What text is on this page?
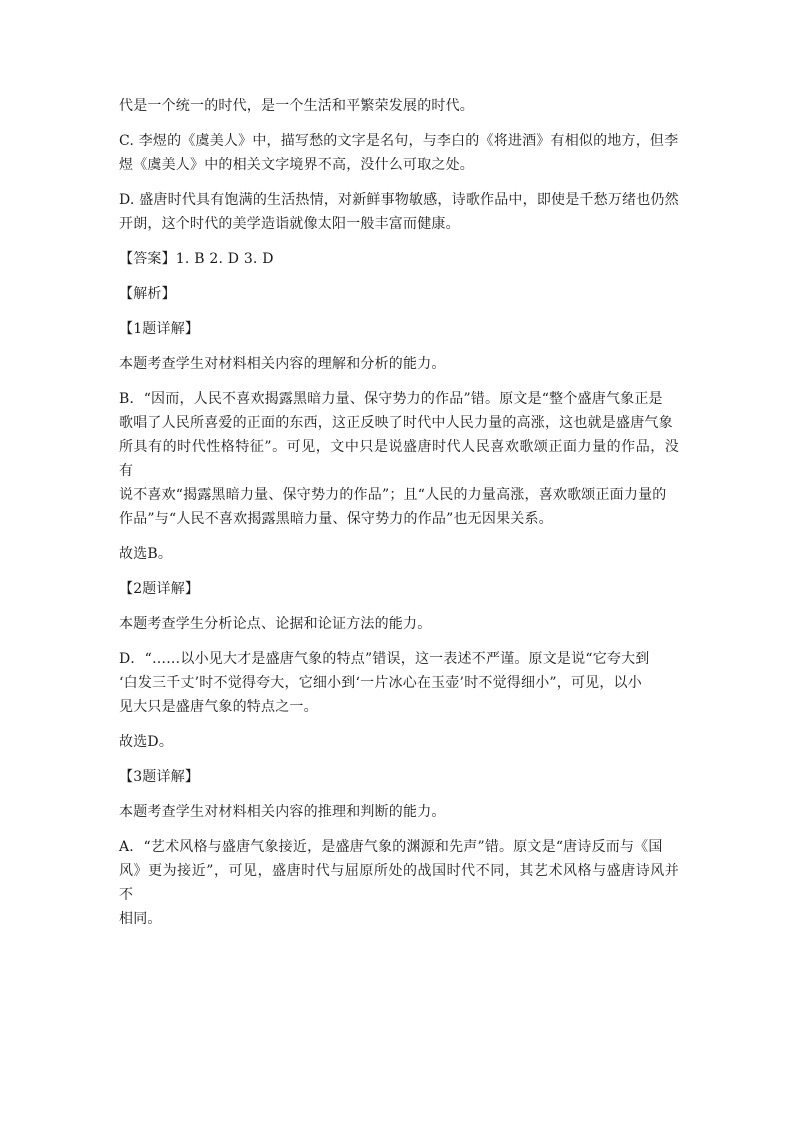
代是一个统一的时代，是一个生活和平繁荣发展的时代。

C. 李煜的《虞美人》中，描写愁的文字是名句，与李白的《将进酒》有相似的地方，但李
煜《虞美人》中的相关文字境界不高，没什么可取之处。

D. 盛唐时代具有饱满的生活热情，对新鲜事物敏感，诗歌作品中，即使是千愁万绪也仍然
开朗，这个时代的美学造诣就像太阳一般丰富而健康。

【答案】1. B 2. D 3. D

【解析】

【1题详解】

本题考查学生对材料相关内容的理解和分析的能力。

B．“因而，人民不喜欢揭露黑暗力量、保守势力的作品”错。原文是“整个盛唐气象正是
歌唱了人民所喜爱的正面的东西，这正反映了时代中人民力量的高涨，这也就是盛唐气象
所具有的时代性格特征”。可见，文中只是说盛唐时代人民喜欢歌颂正面力量的作品，没有
说不喜欢“揭露黑暗力量、保守势力的作品”；且“人民的力量高涨，喜欢歌颂正面力量的
作品”与“人民不喜欢揭露黑暗力量、保守势力的作品”也无因果关系。

故选B。

【2题详解】

本题考查学生分析论点、论据和论证方法的能力。

D．“……以小见大才是盛唐气象的特点”错误，这一表述不严谨。原文是说“它夸大到
‘白发三千丈’时不觉得夸大，它细小到‘一片冰心在玉壶’时不觉得细小”，可见，以小
见大只是盛唐气象的特点之一。

故选D。

【3题详解】

本题考查学生对材料相关内容的推理和判断的能力。

A．“艺术风格与盛唐气象接近，是盛唐气象的渊源和先声”错。原文是“唐诗反而与《国
风》更为接近”，可见，盛唐时代与屈原所处的战国时代不同，其艺术风格与盛唐诗风并不
相同。
